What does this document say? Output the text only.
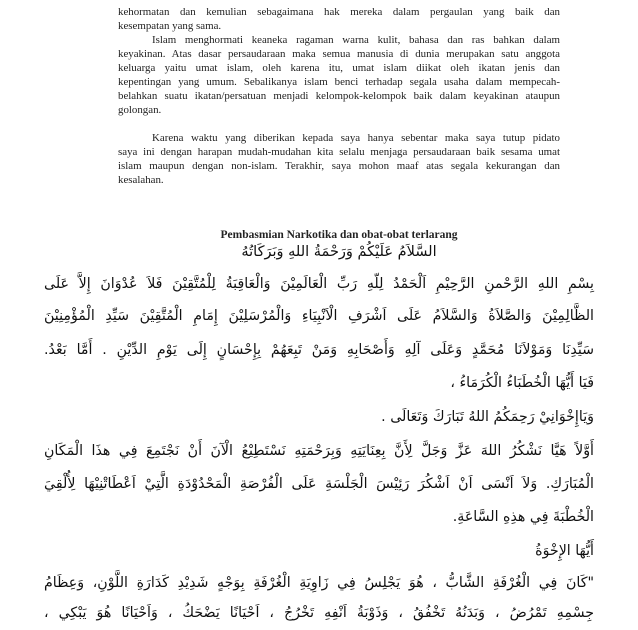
kehormatan dan kemulian sebagaimana hak mereka dalam pergaulan yang baik dan
kesempatan yang sama.
Islam menghormati keaneka ragaman warna kulit, bahasa dan ras bahkan dalam
keyakinan. Atas dasar persaudaraan maka semua manusia di dunia merupakan satu anggota
keluarga yaitu umat islam, oleh karena itu, umat islam diikat oleh ikatan jenis dan
kepentingan yang umum. Sebalikanya islam benci terhadap segala usaha dalam mempecah-
belahkan suatu ikatan/persatuan menjadi kelompok-kelompok baik dalam keyakinan ataupun
golongan.
Karena waktu yang diberikan kepada saya hanya sebentar maka saya tutup pidato
saya ini dengan harapan mudah-mudahan kita selalu menjaga persaudaraan baik sesama umat
islam maupun dengan non-islam. Terakhir, saya mohon maaf atas segala kekurangan dan
kesalahan.
Pembasmian Narkotika dan obat-obat terlarang
السَّلاَمُ عَلَيْكُمْ وَرَحْمَةُ اللهِ وَبَرَكَاتُهُ
بِسْمِ اللهِ الرَّحْمنِ الرَّحِيْمِ اَلْحَمْدُ لِلّهِ رَبِّ الْعَالَمِيْنَ وَالْعَاقِبَةُ لِلْمُتَّقِيْنَ فَلاَ عُدْوَانَ إِلاَّ عَلَى
الظَّالِمِيْنَ وَالصَّلاَةُ وَالسَّلاَمُ عَلَى اَشْرَفِ الْاَنْبِيَاءِ وَالْمُرْسَلِيْنَ إِمَامِ الْمُتَّقِيْنَ سَيِّدِ الْمُؤْمِنِيْنَ
سَيِّدِنَا وَمَوْلاَنَا مُحَمَّدٍ وَعَلَى آلِهِ وَأَصْحَابِهِ وَمَنْ تَبِعَهُمْ بِإِحْسَانٍ إِلَى يَوْمِ الدِّيْنِ . أَمَّا بَعْدُ.
فَيَا أَيُّهَا الْخُطَبَاءُ الْكُرَمَاءُ ،
وَيَاإِخْوَانِيْ رَحِمَكُمُ اللهُ تَبَارَكَ وَتَعَالَى .
أَوَّلاً هَيَّا نَشْكُرُ اللهَ عَزَّ وَجَلَّ لِأَنَّ بِعِنَايَتِهِ وَبِرَحْمَتِهِ نَسْتَطِيْعُ الْآنَ أَنْ نَجْتَمِعَ فِي هذَا الْمَكَانِ
الْمُبَارَكِ. وَلاَ اَنْسَى اَنْ اَشْكُرَ رَئِيْسَ الْجَلْسَةِ عَلَى الْفُرْصَةِ الْمَحْدُوْدَةِ الَّتِيْ اَعْطَاتْنِيْهَا لِأُلْقِيَ
الْخُطْبَةَ فِي هذِهِ السَّاعَةِ.
أَيُّهَا الإِخْوَةُ
"كَانَ فِي الْغُرْفَةِ الشَّابُّ ، هُوَ يَجْلِسُ فِي زَاوِيَةِ الْغُرْفَةِ بِوَجْهٍ شَدِيْدِ كَدَارَةِ اللَّوْنِ، وَعِظَامُ
جِسْمِهِ تَمْرُضُ ، وَبَدَنُهُ تَخْفُقُ ، وَذَوْبَةُ اَنْفِهِ تَخْرُجُ ، اَحْيَانًا يَضْحَكُ ، وَاَحْيَانًا هُوَ يَبْكِي ،
